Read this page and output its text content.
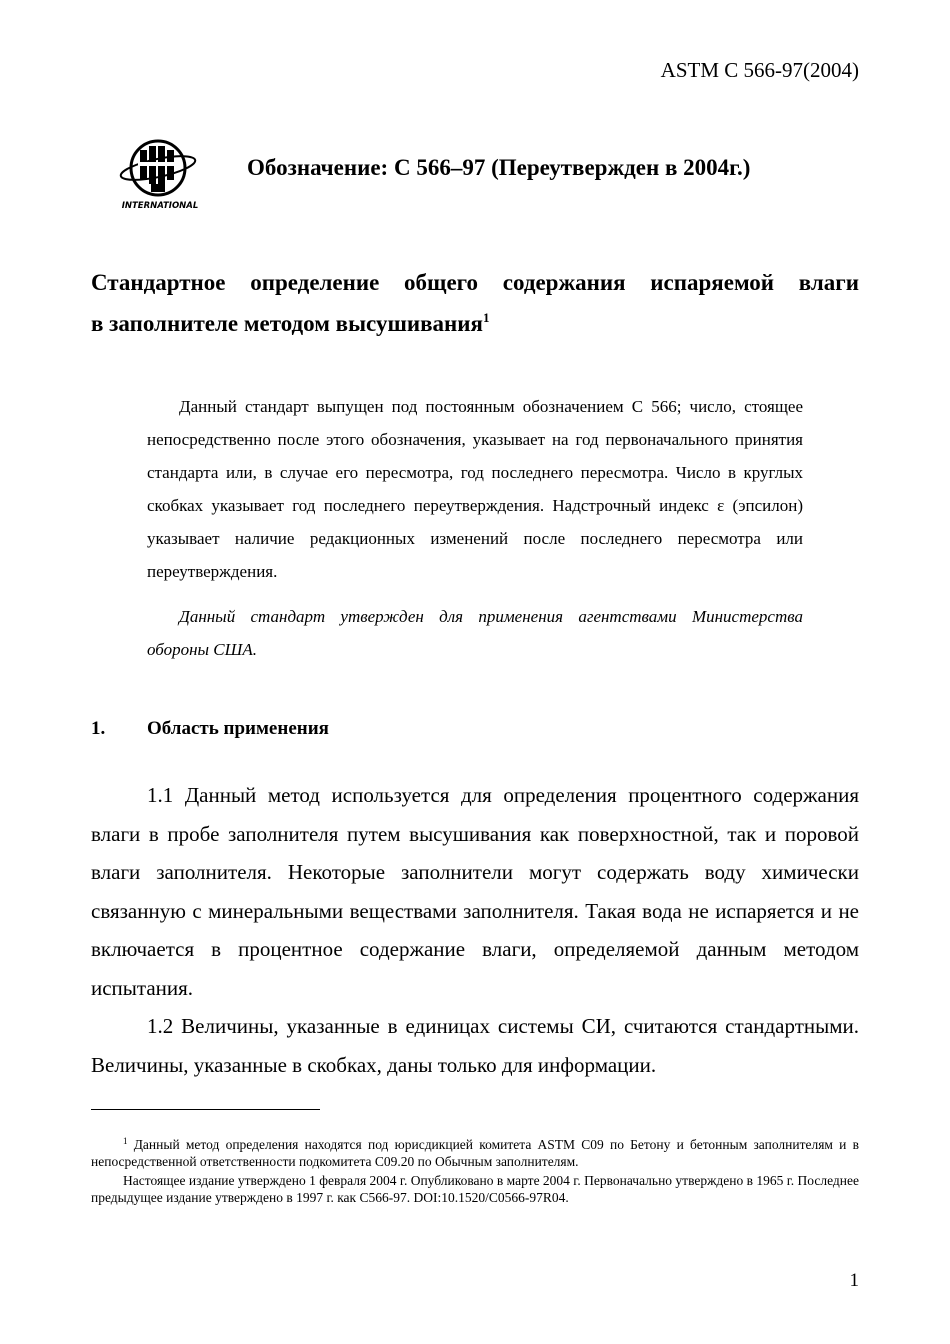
ASTM C 566-97(2004)
INTERNATIONAL
Обозначение: C 566–97 (Переутвержден в 2004г.)
Стандартное определение общего содержания испаряемой влаги
в заполнителе методом высушивания$^1$

Данный стандарт выпущен под постоянным обозначением C 566; число, стоящее непосредственно после этого обозначения, указывает на год первоначального принятия стандарта или, в случае его пересмотра, год последнего пересмотра. Число в круглых скобках указывает год последнего переутверждения. Надстрочный индекс ε (эпсилон) указывает наличие редакционных изменений после последнего пересмотра или переутверждения.

Данный стандарт утвержден для применения агентствами Министерства обороны США.

1. Область применения

1.1 Данный метод используется для определения процентного содержания влаги в пробе заполнителя путем высушивания как поверхностной, так и поровой влаги заполнителя. Некоторые заполнители могут содержать воду химически связанную с минеральными веществами заполнителя. Такая вода не испаряется и не включается в процентное содержание влаги, определяемой данным методом испытания.

1.2 Величины, указанные в единицах системы СИ, считаются стандартными. Величины, указанные в скобках, даны только для информации.

$^1$ Данный метод определения находятся под юрисдикцией комитета ASTM C09 по Бетону и бетонным заполнителям и в непосредственной ответственности подкомитета C09.20 по Обычным заполнителям.

Настоящее издание утверждено 1 февраля 2004 г. Опубликовано в марте 2004 г. Первоначально утверждено в 1965 г. Последнее предыдущее издание утверждено в 1997 г. как C566-97. DOI:10.1520/C0566-97R04.

1
